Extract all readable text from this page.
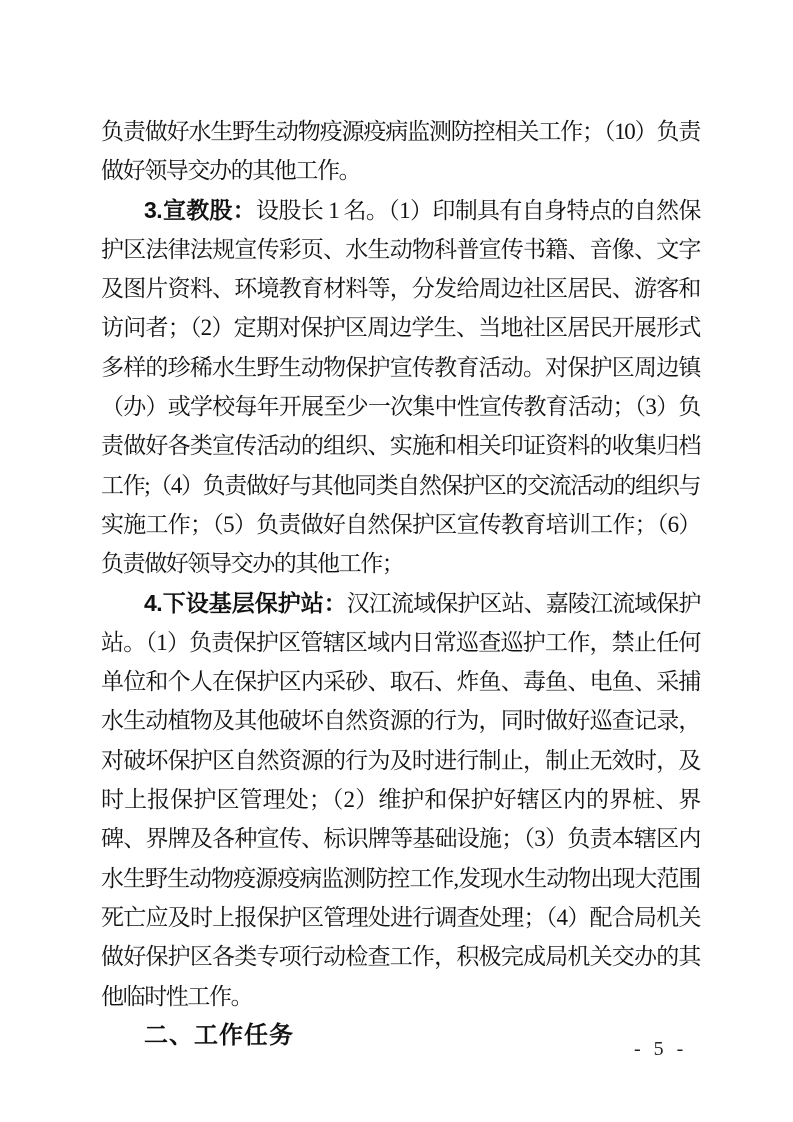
负责做好水生野生动物疫源疫病监测防控相关工作；（10）负责做好领导交办的其他工作。

3.宣教股：设股长 1 名。（1）印制具有自身特点的自然保护区法律法规宣传彩页、水生动物科普宣传书籍、音像、文字及图片资料、环境教育材料等，分发给周边社区居民、游客和访问者；（2）定期对保护区周边学生、当地社区居民开展形式多样的珍稀水生野生动物保护宣传教育活动。对保护区周边镇（办）或学校每年开展至少一次集中性宣传教育活动；（3）负责做好各类宣传活动的组织、实施和相关印证资料的收集归档工作;（4）负责做好与其他同类自然保护区的交流活动的组织与实施工作；（5）负责做好自然保护区宣传教育培训工作；（6）负责做好领导交办的其他工作；

4.下设基层保护站：汉江流域保护区站、嘉陵江流域保护站。（1）负责保护区管辖区域内日常巡查巡护工作，禁止任何单位和个人在保护区内采砂、取石、炸鱼、毒鱼、电鱼、采捕水生动植物及其他破坏自然资源的行为，同时做好巡查记录，对破坏保护区自然资源的行为及时进行制止，制止无效时，及时上报保护区管理处；（2）维护和保护好辖区内的界桩、界碑、界牌及各种宣传、标识牌等基础设施；（3）负责本辖区内水生野生动物疫源疫病监测防控工作,发现水生动物出现大范围死亡应及时上报保护区管理处进行调查处理；（4）配合局机关做好保护区各类专项行动检查工作，积极完成局机关交办的其他临时性工作。

二、工作任务

- 5 -
